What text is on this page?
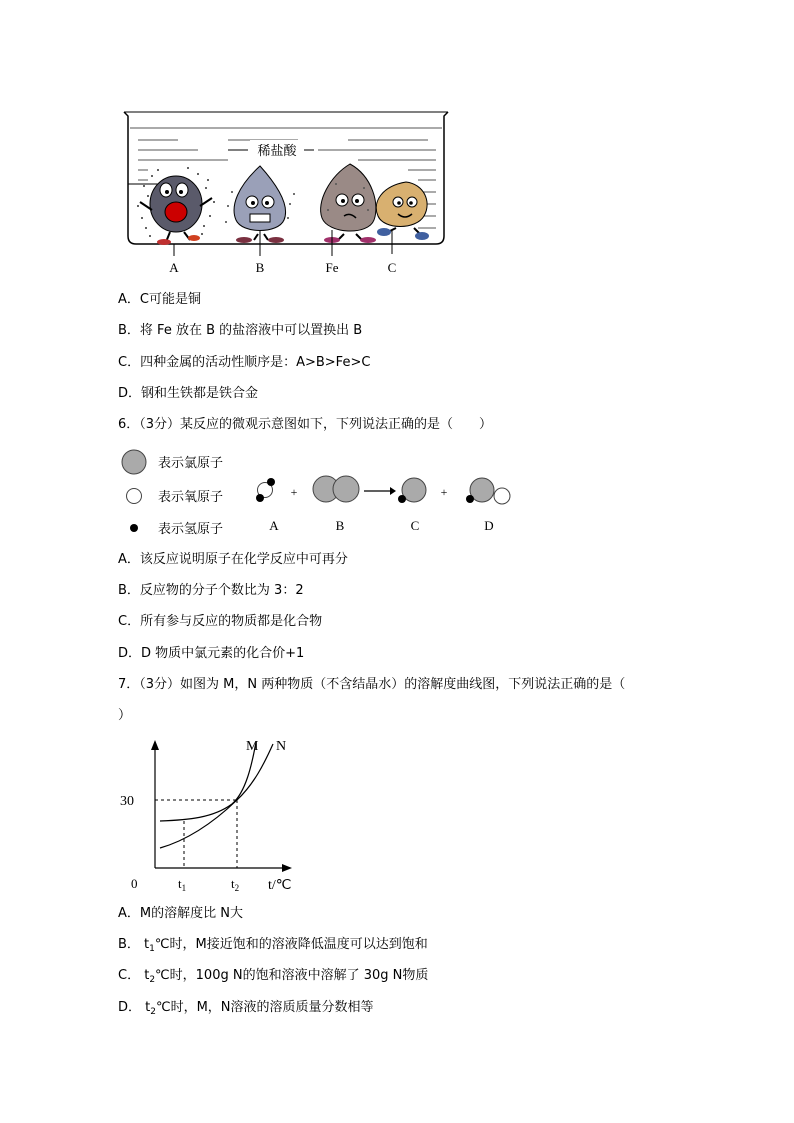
稀盐酸
A	B	Fe	C
A．C可能是铜
B．将 Fe 放在 B 的盐溶液中可以置换出 B
C．四种金属的活动性顺序是：A>B>Fe>C
D．钢和生铁都是铁合金
6．（3分）某反应的微观示意图如下，下列说法正确的是（　　）
表示氯原子
表示氧原子
表示氢原子
+	+
A	B	C	D
A．该反应说明原子在化学反应中可再分
B．反应物的分子个数比为 3：2
C．所有参与反应的物质都是化合物
D．D 物质中氯元素的化合价+1
7．（3分）如图为 M，N 两种物质（不含结晶水）的溶解度曲线图，下列说法正确的是（
）
M N
30
0	$t_1$	$t_2$ t/℃
A．M的溶解度比 N大
B． $t_1℃$时，M接近饱和的溶液降低温度可以达到饱和
C． $t_2℃$时，100g N的饱和溶液中溶解了 30g N物质
D． $t_2℃$时，M，N溶液的溶质质量分数相等
